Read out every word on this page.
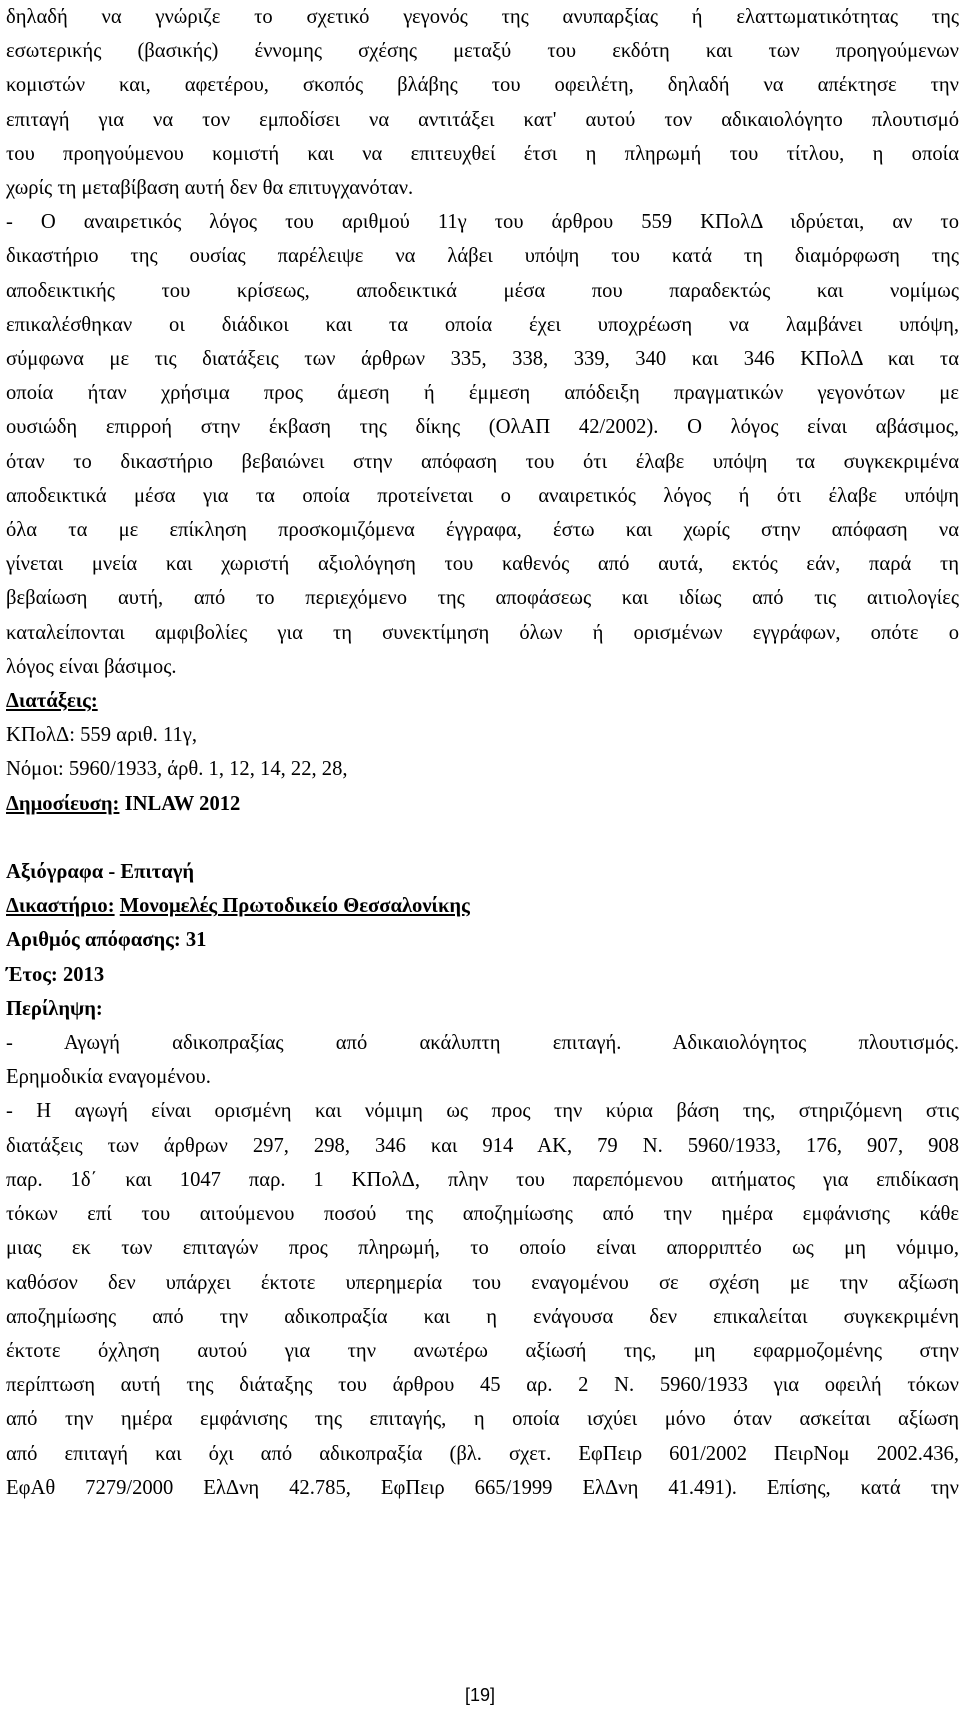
δηλαδή να γνώριζε το σχετικό γεγονός της ανυπαρξίας ή ελαττωματικότητας της
εσωτερικής (βασικής) έννομης σχέσης μεταξύ του εκδότη και των προηγούμενων
κομιστών και, αφετέρου, σκοπός βλάβης του οφειλέτη, δηλαδή να απέκτησε την
επιταγή για να τον εμποδίσει να αντιτάξει κατ' αυτού τον αδικαιολόγητο πλουτισμό
του προηγούμενου κομιστή και να επιτευχθεί έτσι η πληρωμή του τίτλου, η οποία
χωρίς τη μεταβίβαση αυτή δεν θα επιτυγχανόταν.
- Ο αναιρετικός λόγος του αριθμού 11γ του άρθρου 559 ΚΠολΔ ιδρύεται, αν το
δικαστήριο της ουσίας παρέλειψε να λάβει υπόψη του κατά τη διαμόρφωση της
αποδεικτικής του κρίσεως, αποδεικτικά μέσα που παραδεκτώς και νομίμως
επικαλέσθηκαν οι διάδικοι και τα οποία έχει υποχρέωση να λαμβάνει υπόψη,
σύμφωνα με τις διατάξεις των άρθρων 335, 338, 339, 340 και 346 ΚΠολΔ και τα
οποία ήταν χρήσιμα προς άμεση ή έμμεση απόδειξη πραγματικών γεγονότων με
ουσιώδη επιρροή στην έκβαση της δίκης (ΟλΑΠ 42/2002). Ο λόγος είναι αβάσιμος,
όταν το δικαστήριο βεβαιώνει στην απόφαση του ότι έλαβε υπόψη τα συγκεκριμένα
αποδεικτικά μέσα για τα οποία προτείνεται ο αναιρετικός λόγος ή ότι έλαβε υπόψη
όλα τα με επίκληση προσκομιζόμενα έγγραφα, έστω και χωρίς στην απόφαση να
γίνεται μνεία και χωριστή αξιολόγηση του καθενός από αυτά, εκτός εάν, παρά τη
βεβαίωση αυτή, από το περιεχόμενο της αποφάσεως και ιδίως από τις αιτιολογίες
καταλείπονται αμφιβολίες για τη συνεκτίμηση όλων ή ορισμένων εγγράφων, οπότε ο
λόγος είναι βάσιμος.
Διατάξεις:
ΚΠολΔ: 559 αριθ. 11γ,
Νόμοι: 5960/1933, άρθ. 1, 12, 14, 22, 28,
Δημοσίευση: INLAW 2012
Αξιόγραφα - Επιταγή
Δικαστήριο: Μονομελές Πρωτοδικείο Θεσσαλονίκης
Αριθμός απόφασης: 31
Έτος: 2013
Περίληψη:
- Αγωγή αδικοπραξίας από ακάλυπτη επιταγή. Αδικαιολόγητος πλουτισμός.
Ερημοδικία εναγομένου.
- Η αγωγή είναι ορισμένη και νόμιμη ως προς την κύρια βάση της, στηριζόμενη στις
διατάξεις των άρθρων 297, 298, 346 και 914 ΑΚ, 79 Ν. 5960/1933, 176, 907, 908
παρ. 1δ΄ και 1047 παρ. 1 ΚΠολΔ, πλην του παρεπόμενου αιτήματος για επιδίκαση
τόκων επί του αιτούμενου ποσού της αποζημίωσης από την ημέρα εμφάνισης κάθε
μιας εκ των επιταγών προς πληρωμή, το οποίο είναι απορριπτέο ως μη νόμιμο,
καθόσον δεν υπάρχει έκτοτε υπερημερία του εναγομένου σε σχέση με την αξίωση
αποζημίωσης από την αδικοπραξία και η ενάγουσα δεν επικαλείται συγκεκριμένη
έκτοτε όχληση αυτού για την ανωτέρω αξίωσή της, μη εφαρμοζομένης στην
περίπτωση αυτή της διάταξης του άρθρου 45 αρ. 2 Ν. 5960/1933 για οφειλή τόκων
από την ημέρα εμφάνισης της επιταγής, η οποία ισχύει μόνο όταν ασκείται αξίωση
από επιταγή και όχι από αδικοπραξία (βλ. σχετ. ΕφΠειρ 601/2002 ΠειρΝομ 2002.436,
ΕφΑθ 7279/2000 ΕλΔνη 42.785, ΕφΠειρ 665/1999 ΕλΔνη 41.491). Επίσης, κατά την
[19]
